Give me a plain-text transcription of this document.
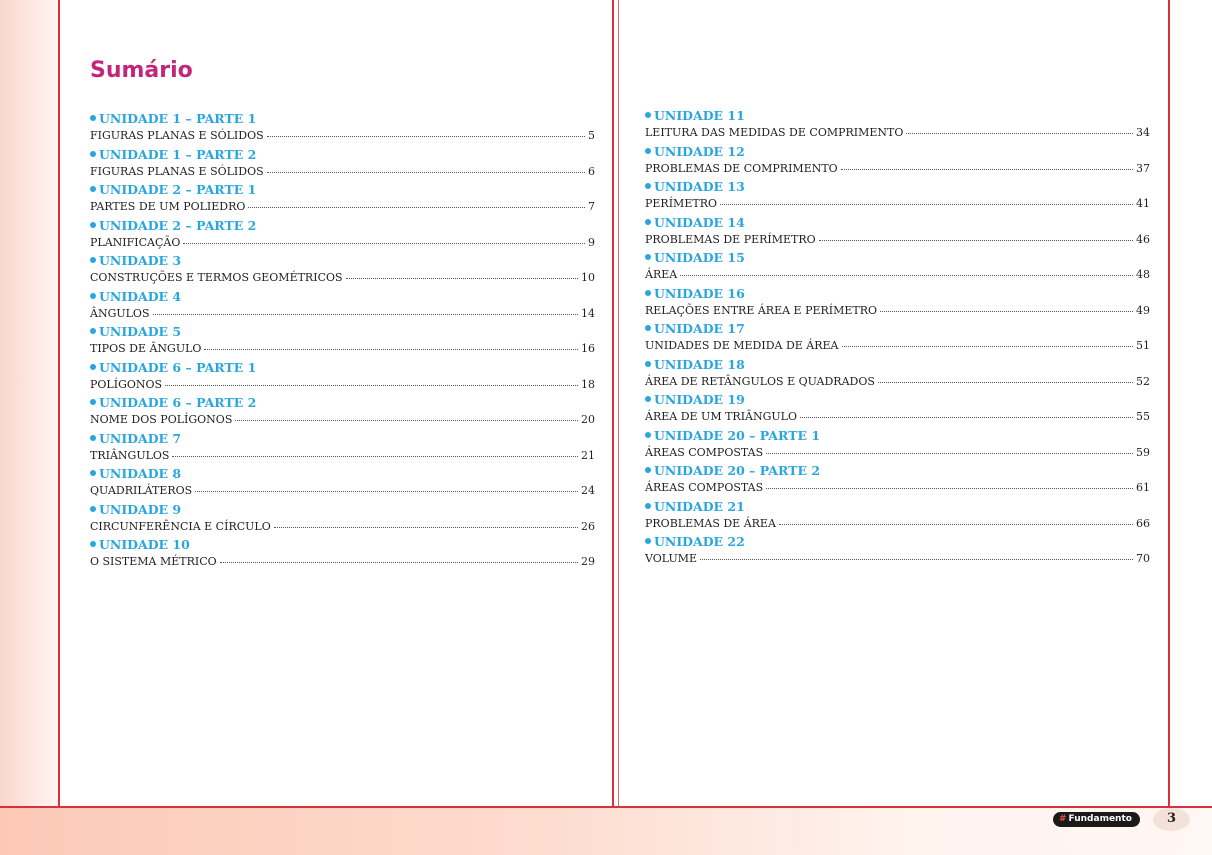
Sumário
UNIDADE 1 – PARTE 1
FIGURAS PLANAS E SÓLIDOS	5
UNIDADE 1 – PARTE 2
FIGURAS PLANAS E SÓLIDOS	6
UNIDADE 2 – PARTE 1
PARTES DE UM POLIEDRO	7
UNIDADE 2 – PARTE 2
PLANIFICAÇÃO	9
UNIDADE 3
CONSTRUÇÕES E TERMOS GEOMÉTRICOS	10
UNIDADE 4
ÂNGULOS	14
UNIDADE 5
TIPOS DE ÂNGULO	16
UNIDADE 6 – PARTE 1
POLÍGONOS	18
UNIDADE 6 – PARTE 2
NOME DOS POLÍGONOS	20
UNIDADE 7
TRIÂNGULOS	21
UNIDADE 8
QUADRILÁTEROS	24
UNIDADE 9
CIRCUNFERÊNCIA E CÍRCULO	26
UNIDADE 10
O SISTEMA MÉTRICO	29
UNIDADE 11
LEITURA DAS MEDIDAS DE COMPRIMENTO	34
UNIDADE 12
PROBLEMAS DE COMPRIMENTO	37
UNIDADE 13
PERÍMETRO	41
UNIDADE 14
PROBLEMAS DE PERÍMETRO	46
UNIDADE 15
ÁREA	48
UNIDADE 16
RELAÇÕES ENTRE ÁREA E PERÍMETRO	49
UNIDADE 17
UNIDADES DE MEDIDA DE ÁREA	51
UNIDADE 18
ÁREA DE RETÂNGULOS E QUADRADOS	52
UNIDADE 19
ÁREA DE UM TRIÂNGULO	55
UNIDADE 20 – PARTE 1
ÁREAS COMPOSTAS	59
UNIDADE 20 – PARTE 2
ÁREAS COMPOSTAS	61
UNIDADE 21
PROBLEMAS DE ÁREA	66
UNIDADE 22
VOLUME	70
# Fundamento	3
